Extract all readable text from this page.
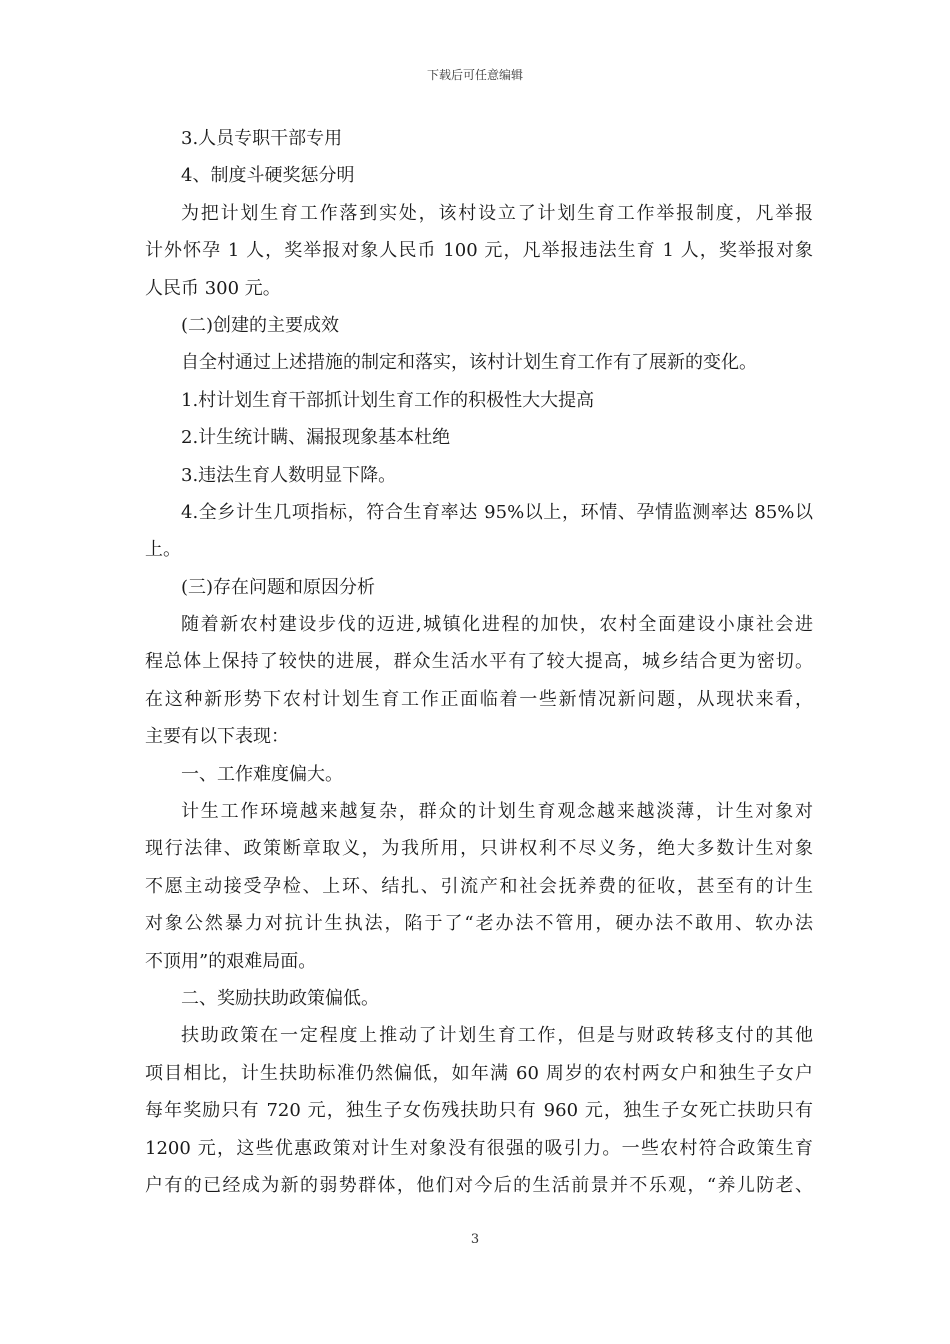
下载后可任意编辑
3.人员专职干部专用
4、制度斗硬奖惩分明
为把计划生育工作落到实处，该村设立了计划生育工作举报制度，凡举报
计外怀孕 1 人，奖举报对象人民币 100 元，凡举报违法生育 1 人，奖举报对象
人民币 300 元。
(二)创建的主要成效
自全村通过上述措施的制定和落实，该村计划生育工作有了展新的变化。
1.村计划生育干部抓计划生育工作的积极性大大提高
2.计生统计瞒、漏报现象基本杜绝
3.违法生育人数明显下降。
4.全乡计生几项指标，符合生育率达 95%以上，环情、孕情监测率达 85%以
上。
(三)存在问题和原因分析
随着新农村建设步伐的迈进,城镇化进程的加快，农村全面建设小康社会进
程总体上保持了较快的进展，群众生活水平有了较大提高，城乡结合更为密切。
在这种新形势下农村计划生育工作正面临着一些新情况新问题，从现状来看，
主要有以下表现：
一、工作难度偏大。
计生工作环境越来越复杂，群众的计划生育观念越来越淡薄，计生对象对
现行法律、政策断章取义，为我所用，只讲权利不尽义务，绝大多数计生对象
不愿主动接受孕检、上环、结扎、引流产和社会抚养费的征收，甚至有的计生
对象公然暴力对抗计生执法，陷于了“老办法不管用，硬办法不敢用、软办法
不顶用”的艰难局面。
二、奖励扶助政策偏低。
扶助政策在一定程度上推动了计划生育工作，但是与财政转移支付的其他
项目相比，计生扶助标准仍然偏低，如年满 60 周岁的农村两女户和独生子女户
每年奖励只有 720 元，独生子女伤残扶助只有 960 元，独生子女死亡扶助只有
1200 元，这些优惠政策对计生对象没有很强的吸引力。一些农村符合政策生育
户有的已经成为新的弱势群体，他们对今后的生活前景并不乐观，“养儿防老、
3
